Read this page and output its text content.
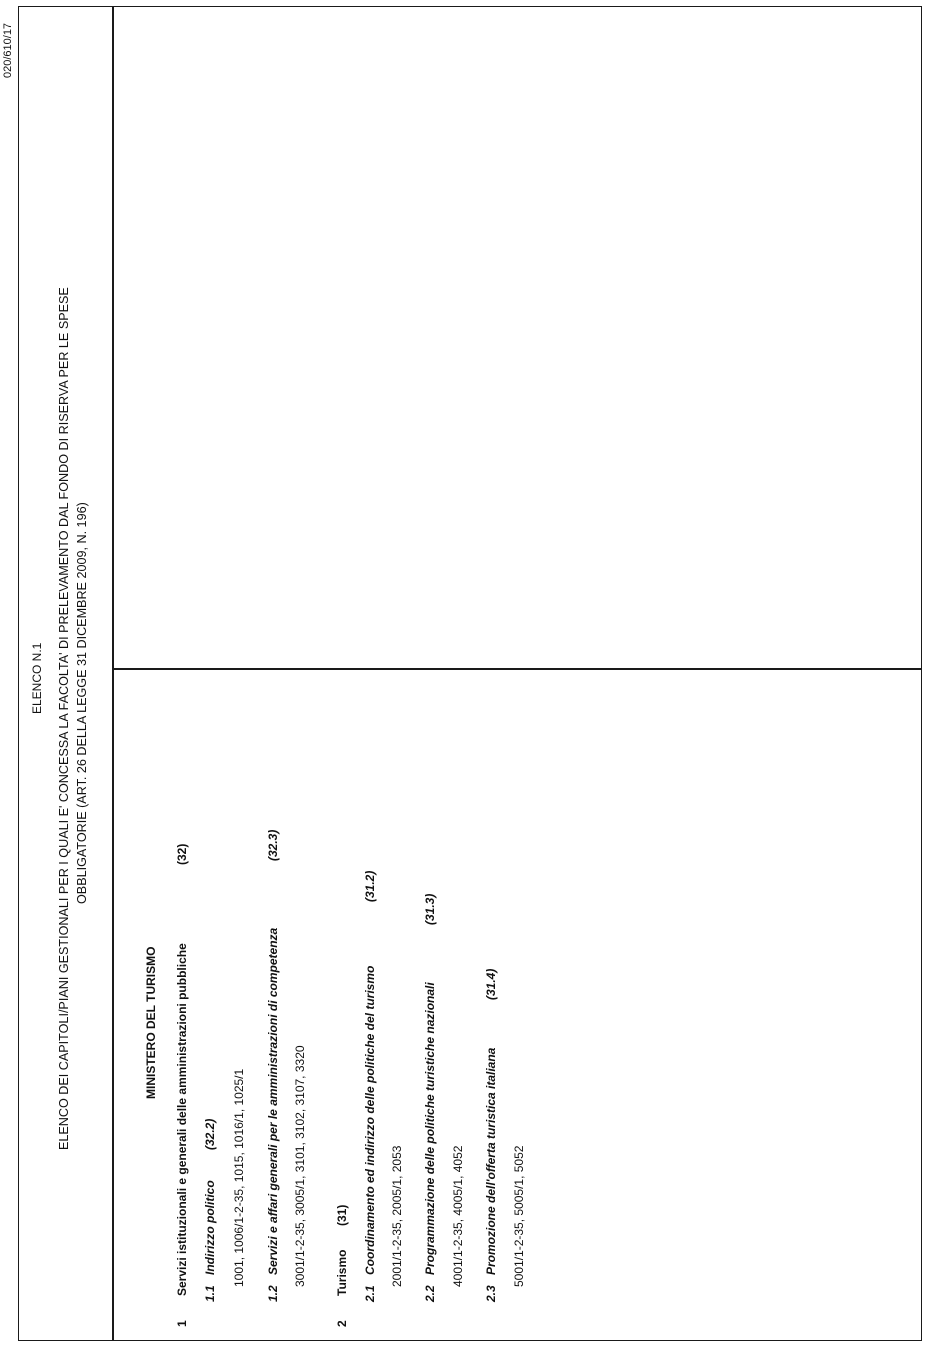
020/610/17
ELENCO N.1 ELENCO DEI CAPITOLI/PIANI GESTIONALI PER I QUALI E' CONCESSA LA FACOLTA' DI PRELEVAMENTO DAL FONDO DI RISERVA PER LE SPESE OBBLIGATORIE (ART. 26 DELLA LEGGE 31 DICEMBRE 2009, N. 196)
MINISTERO DEL TURISMO
1
Servizi istituzionali e generali delle amministrazioni pubbliche
(32)
1.1
Indirizzo politico
(32.2) 1001, 1006/1-2-35, 1015, 1016/1, 1025/1
1.2
Servizi e affari generali per le amministrazioni di competenza
(32.3)
3001/1-2-35, 3005/1, 3101, 3102, 3107, 3320
2
Turismo
(31)
2.1
Coordinamento ed indirizzo delle politiche del turismo
(31.2)
2001/1-2-35, 2005/1, 2053
2.2
Programmazione delle politiche turistiche nazionali
(31.3)
4001/1-2-35, 4005/1, 4052
2.3
Promozione dell'offerta turistica italiana
(31.4)
5001/1-2-35, 5005/1, 5052
